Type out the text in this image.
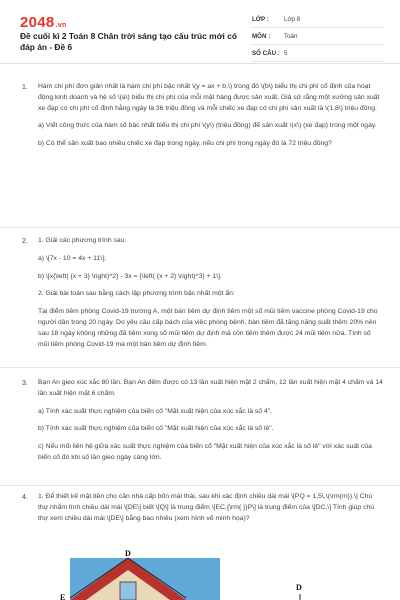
2048.vn
Đề cuối kì 2 Toán 8 Chân trời sáng tạo cấu trúc mới có đáp án - Đề 6
LỚP : Lớp 8
MÔN : Toán
SỐ CÂU : 5
1. Hàm chi phí đơn giản nhất là hàm chi phí bậc nhất \(y = ax + b,\) trong đó \(b\) biểu thị chi phí cố định của hoạt động kinh doanh và hệ số \(a\) biểu thị chi phí của mỗi mặt hàng được sản xuất. Giả sử rằng một xưởng sản xuất xe đạp có chi phí cố định hằng ngày là 36 triệu đồng và mỗi chiếc xe đạp có chi phí sản xuất là \(1,8\) triệu đồng.

a) Viết công thức của hàm số bậc nhất biểu thị chi phí \(y\) (triệu đồng) để sản xuất \(x\) (xe đạp) trong một ngày.

b) Có thể sản xuất bao nhiêu chiếc xe đạp trong ngày, nếu chi phí trong ngày đó là 72 triệu đồng?

2. 1. Giải các phương trình sau:

a) \[7x - 10 = 4x + 11\];

b) \[x{\left( {x + 3} \right)^2} - 3x = {\left( {x + 2} \right)^3} + 1\].

2. Giải bài toán sau bằng cách lập phương trình bậc nhất một ẩn:

Tại điểm tiêm phòng Covid-19 trường A, một bàn tiêm dự định tiêm một số mũi tiêm vaccine phòng Covid-19 cho người dân trong 20 ngày. Do yêu cầu cấp bách của việc phòng bệnh, bàn tiêm đã tăng năng suất thêm 20% nên sau 18 ngày không những đã tiêm xong số mũi tiêm dự định mà còn tiêm thêm được 24 mũi tiêm nữa. Tính số mũi tiêm phòng Covid-19 mà một bàn tiêm dự định tiêm.

3. Bạn An gieo xúc xắc 80 lần. Bạn An đếm được có 13 lần xuất hiện mặt 2 chấm, 12 lần xuất hiện mặt 4 chấm và 14 lần xuất hiện mặt 6 chấm.

a) Tính xác suất thực nghiệm của biến cố "Mặt xuất hiện của xúc xắc là số 4".

b) Tính xác suất thực nghiệm của biến cố "Mặt xuất hiện của xúc xắc là số lẻ".

c) Nếu mối liên hệ giữa xác suất thực nghiệm của biến cố "Mặt xuất hiện của xúc xắc là số lẻ" với xác suất của biến cố đó khi số lần gieo ngày càng lớn.

4. 1. Để thiết kế mặt tiền cho căn nhà cấp bốn mái thái, sau khi xác định chiều dài mái \[PQ = 1,5\,\(\rm{m}).\] Chú thợ nhẩm tính chiều dài mái \[DE\] biết \[Q\] là trung điểm \[EC,{\rm{ }}P\] là trung điểm của \[DC.\] Tính giúp chú thợ xem chiều dài mái \[DE\] bằng bao nhiêu (xem hình vẽ minh họa)?

D
E
D
